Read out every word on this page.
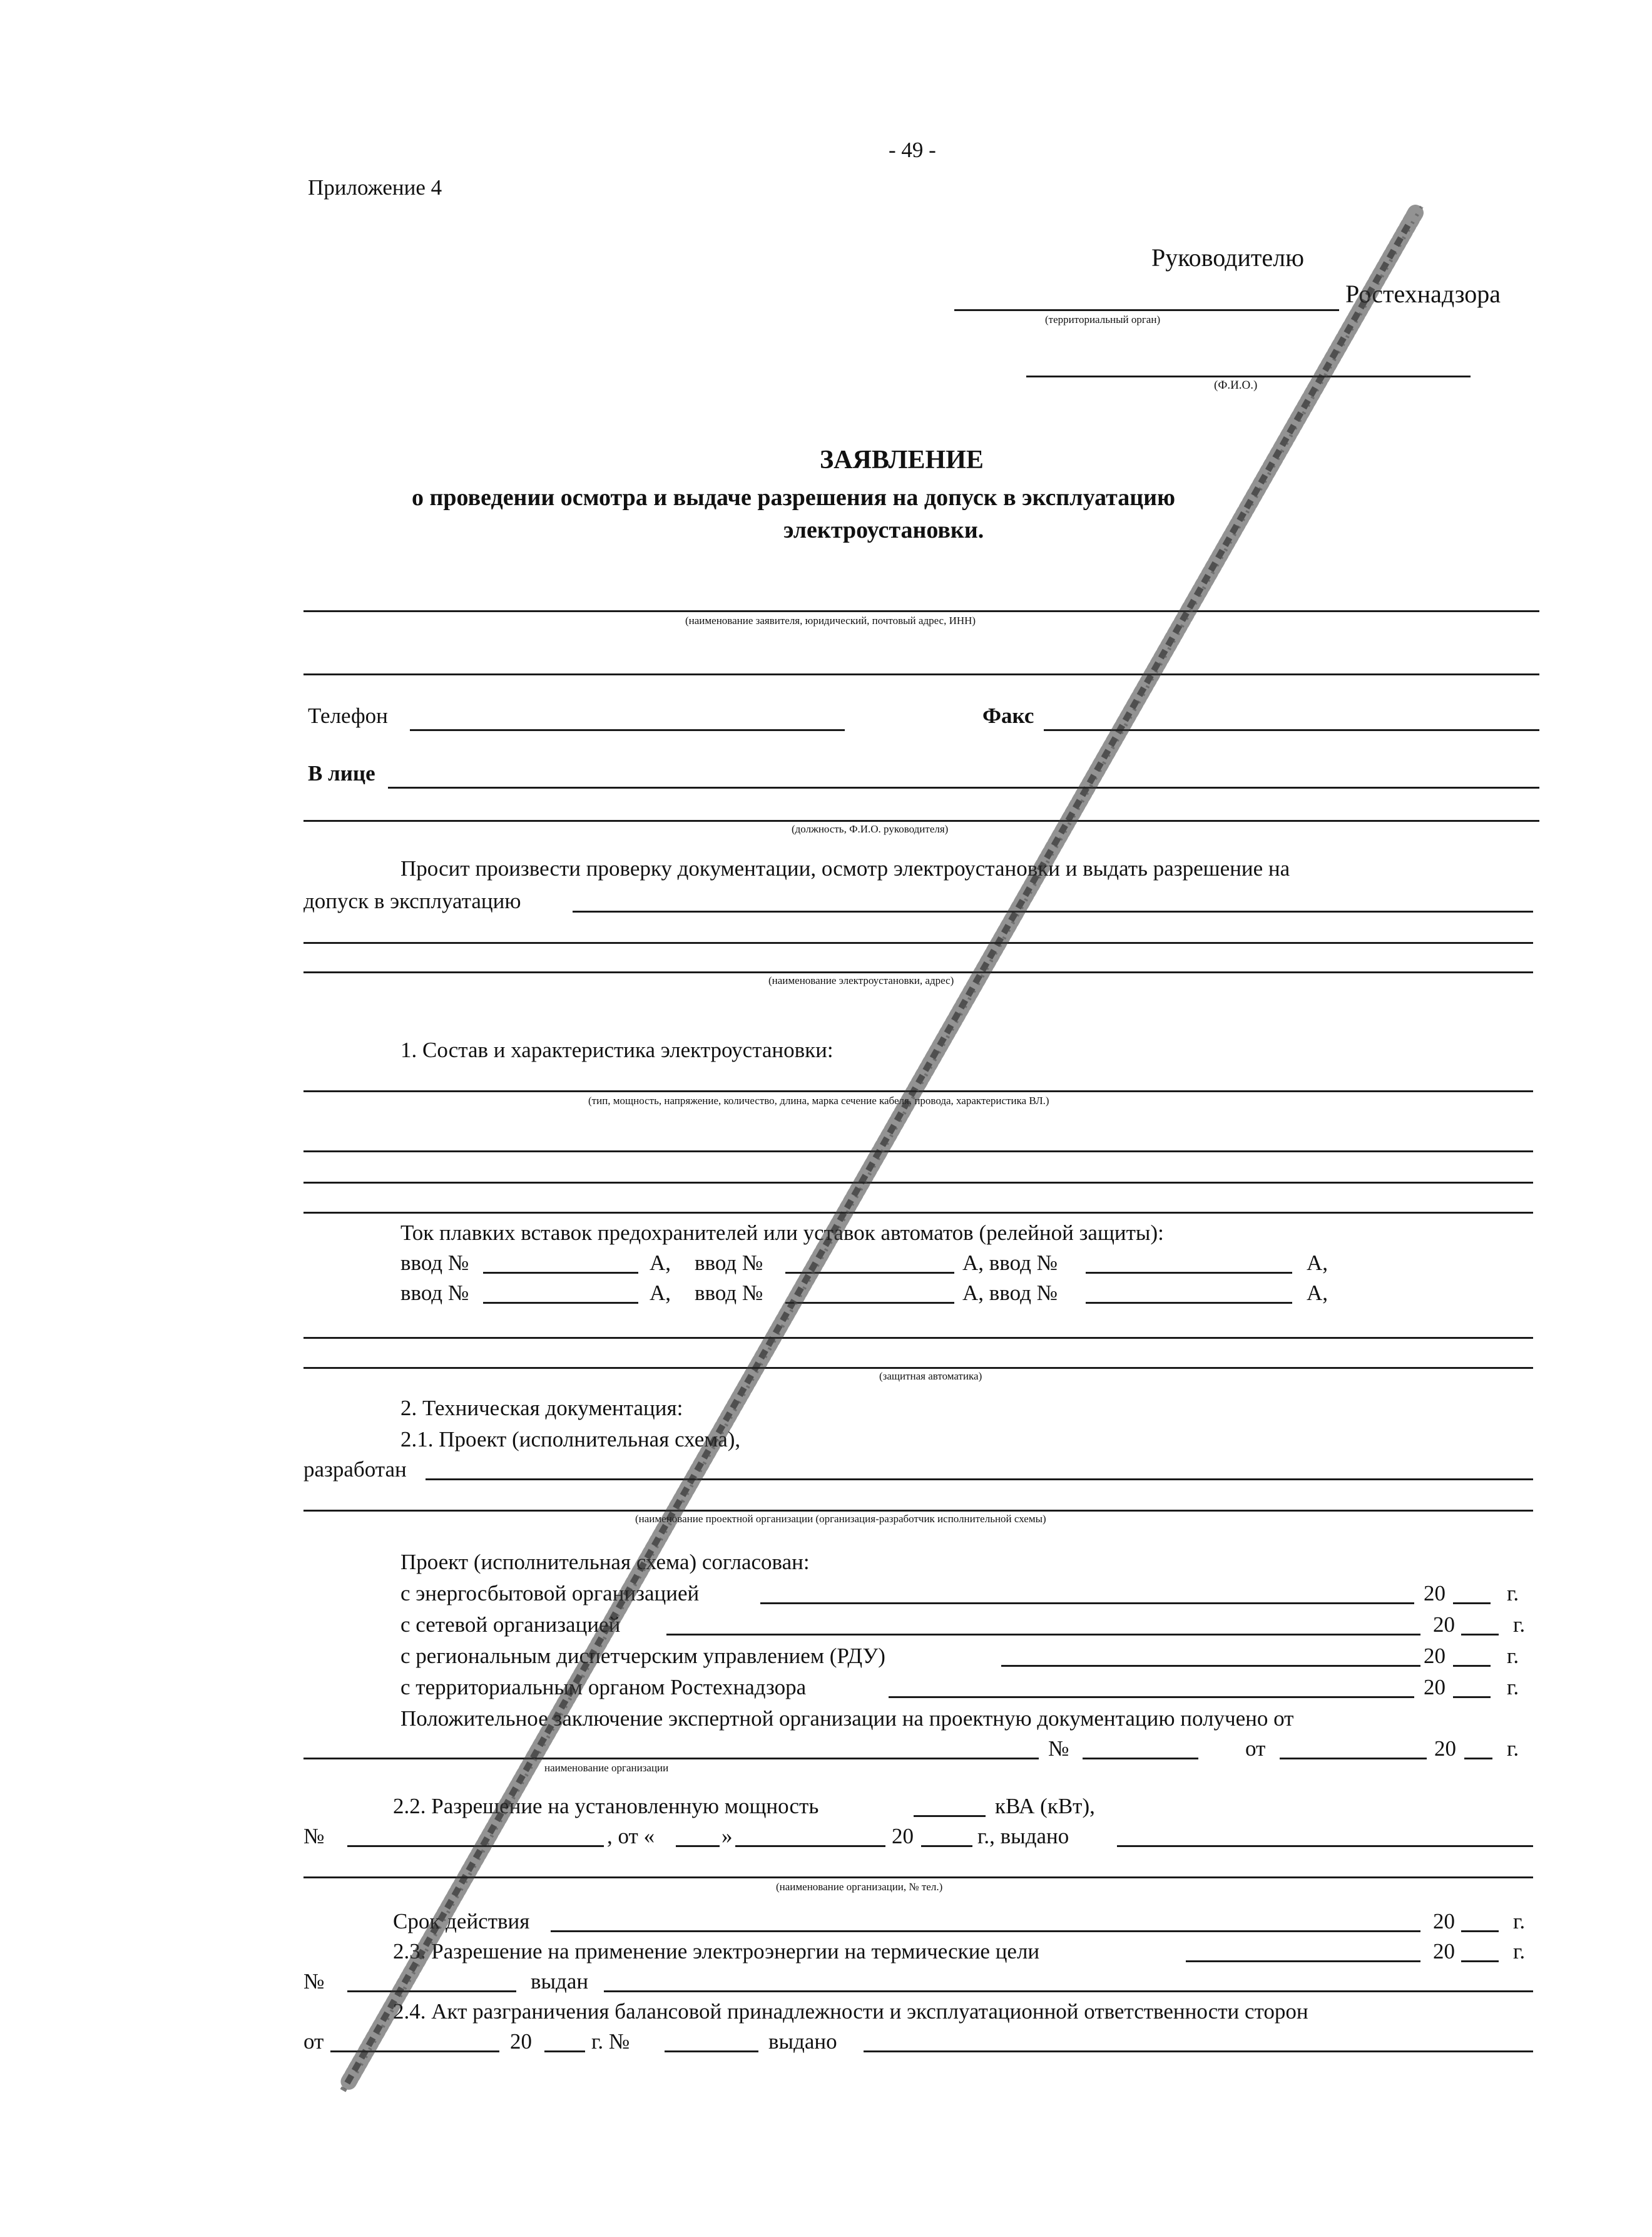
- 49 -
Приложение 4
Руководителю
Ростехнадзора
(территориальный орган)
(Ф.И.О.)
ЗАЯВЛЕНИЕ
о проведении осмотра и выдаче разрешения на допуск в эксплуатацию
электроустановки.
(наименование заявителя, юридический, почтовый адрес, ИНН)
Телефон	Факс
В лице
(должность, Ф.И.О. руководителя)
Просит произвести проверку документации, осмотр электроустановки и выдать разрешение на
допуск в эксплуатацию
(наименование электроустановки, адрес)
1. Состав и характеристика электроустановки:
(тип, мощность, напряжение, количество, длина, марка сечение кабеля, провода, характеристика ВЛ.)
Ток плавких вставок предохранителей или уставок автоматов (релейной защиты):
ввод №	А, ввод №	А, ввод №	А,
ввод №	А, ввод №	А, ввод №	А,
(защитная автоматика)
2. Техническая документация:
2.1. Проект (исполнительная схема),
разработан
(наименование проектной организации (организация-разработчик исполнительной схемы)
Проект (исполнительная схема) согласован:
с энергосбытовой организацией	20	г.
с сетевой организацией	20	г.
с региональным диспетчерским управлением (РДУ)	20	г.
с территориальным органом Ростехнадзора	20	г.
Положительное заключение экспертной организации на проектную документацию получено от
№	от	20 г.
наименование организации
2.2. Разрешение на установленную мощность	кВА (кВт),
№	, от «	»	20	г., выдано
(наименование организации, № тел.)
Срок действия	20	г.
2.3. Разрешение на применение электроэнергии на термические цели	20	г.
№	выдан
2.4. Акт разграничения балансовой принадлежности и эксплуатационной ответственности сторон
от	20	г. №	выдано
